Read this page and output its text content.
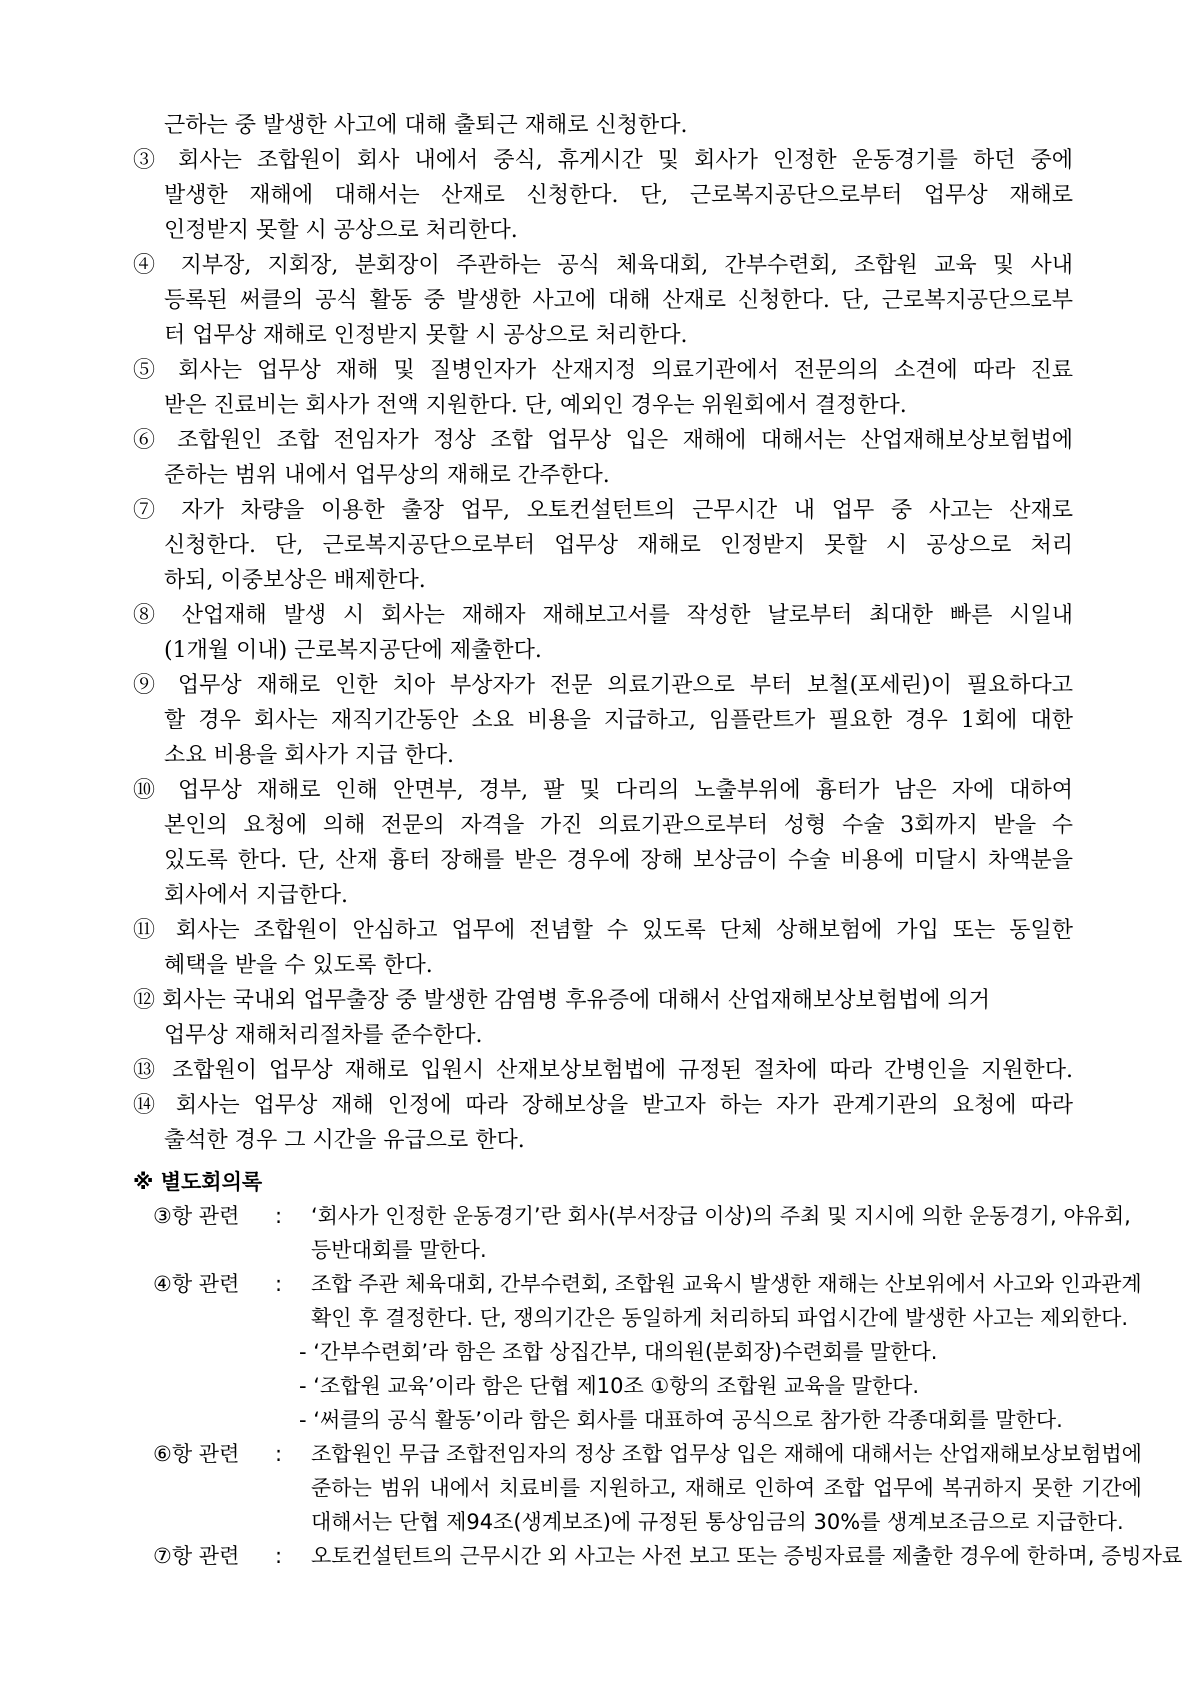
근하는 중 발생한 사고에 대해 출퇴근 재해로 신청한다.
③ 회사는 조합원이 회사 내에서 중식, 휴게시간 및 회사가 인정한 운동경기를 하던 중에
발생한 재해에 대해서는 산재로 신청한다. 단, 근로복지공단으로부터 업무상 재해로
인정받지 못할 시 공상으로 처리한다.
④ 지부장, 지회장, 분회장이 주관하는 공식 체육대회, 간부수련회, 조합원 교육 및 사내
등록된 써클의 공식 활동 중 발생한 사고에 대해 산재로 신청한다. 단, 근로복지공단으로부
터 업무상 재해로 인정받지 못할 시 공상으로 처리한다.
⑤ 회사는 업무상 재해 및 질병인자가 산재지정 의료기관에서 전문의의 소견에 따라 진료
받은 진료비는 회사가 전액 지원한다. 단, 예외인 경우는 위원회에서 결정한다.
⑥ 조합원인 조합 전임자가 정상 조합 업무상 입은 재해에 대해서는 산업재해보상보험법에
준하는 범위 내에서 업무상의 재해로 간주한다.
⑦ 자가 차량을 이용한 출장 업무, 오토컨설턴트의 근무시간 내 업무 중 사고는 산재로
신청한다. 단, 근로복지공단으로부터 업무상 재해로 인정받지 못할 시 공상으로 처리
하되, 이중보상은 배제한다.
⑧ 산업재해 발생 시 회사는 재해자 재해보고서를 작성한 날로부터 최대한 빠른 시일내
(1개월 이내) 근로복지공단에 제출한다.
⑨ 업무상 재해로 인한 치아 부상자가 전문 의료기관으로 부터 보철(포세린)이 필요하다고
할 경우 회사는 재직기간동안 소요 비용을 지급하고, 임플란트가 필요한 경우 1회에 대한
소요 비용을 회사가 지급 한다.
⑩ 업무상 재해로 인해 안면부, 경부, 팔 및 다리의 노출부위에 흉터가 남은 자에 대하여
본인의 요청에 의해 전문의 자격을 가진 의료기관으로부터 성형 수술 3회까지 받을 수
있도록 한다. 단, 산재 흉터 장해를 받은 경우에 장해 보상금이 수술 비용에 미달시 차액분을
회사에서 지급한다.
⑪ 회사는 조합원이 안심하고 업무에 전념할 수 있도록 단체 상해보험에 가입 또는 동일한
혜택을 받을 수 있도록 한다.
⑫ 회사는 국내외 업무출장 중 발생한 감염병 후유증에 대해서 산업재해보상보험법에 의거
업무상 재해처리절차를 준수한다.
⑬ 조합원이 업무상 재해로 입원시 산재보상보험법에 규정된 절차에 따라 간병인을 지원한다.
⑭ 회사는 업무상 재해 인정에 따라 장해보상을 받고자 하는 자가 관계기관의 요청에 따라
출석한 경우 그 시간을 유급으로 한다.
※ 별도회의록
③항 관련	:	‘회사가 인정한 운동경기’란 회사(부서장급 이상)의 주최 및 지시에 의한 운동경기, 야유회,
등반대회를 말한다.
④항 관련	:	조합 주관 체육대회, 간부수련회, 조합원 교육시 발생한 재해는 산보위에서 사고와 인과관계
확인 후 결정한다. 단, 쟁의기간은 동일하게 처리하되 파업시간에 발생한 사고는 제외한다.
- ‘간부수련회’라 함은 조합 상집간부, 대의원(분회장)수련회를 말한다.
- ‘조합원 교육’이라 함은 단협 제10조 ①항의 조합원 교육을 말한다.
- ‘써클의 공식 활동’이라 함은 회사를 대표하여 공식으로 참가한 각종대회를 말한다.
⑥항 관련	:	조합원인 무급 조합전임자의 정상 조합 업무상 입은 재해에 대해서는 산업재해보상보험법에
준하는 범위 내에서 치료비를 지원하고, 재해로 인하여 조합 업무에 복귀하지 못한 기간에
대해서는 단협 제94조(생계보조)에 규정된 통상임금의 30%를 생계보조금으로 지급한다.
⑦항 관련	:	오토컨설턴트의 근무시간 외 사고는 사전 보고 또는 증빙자료를 제출한 경우에 한하며, 증빙자료
